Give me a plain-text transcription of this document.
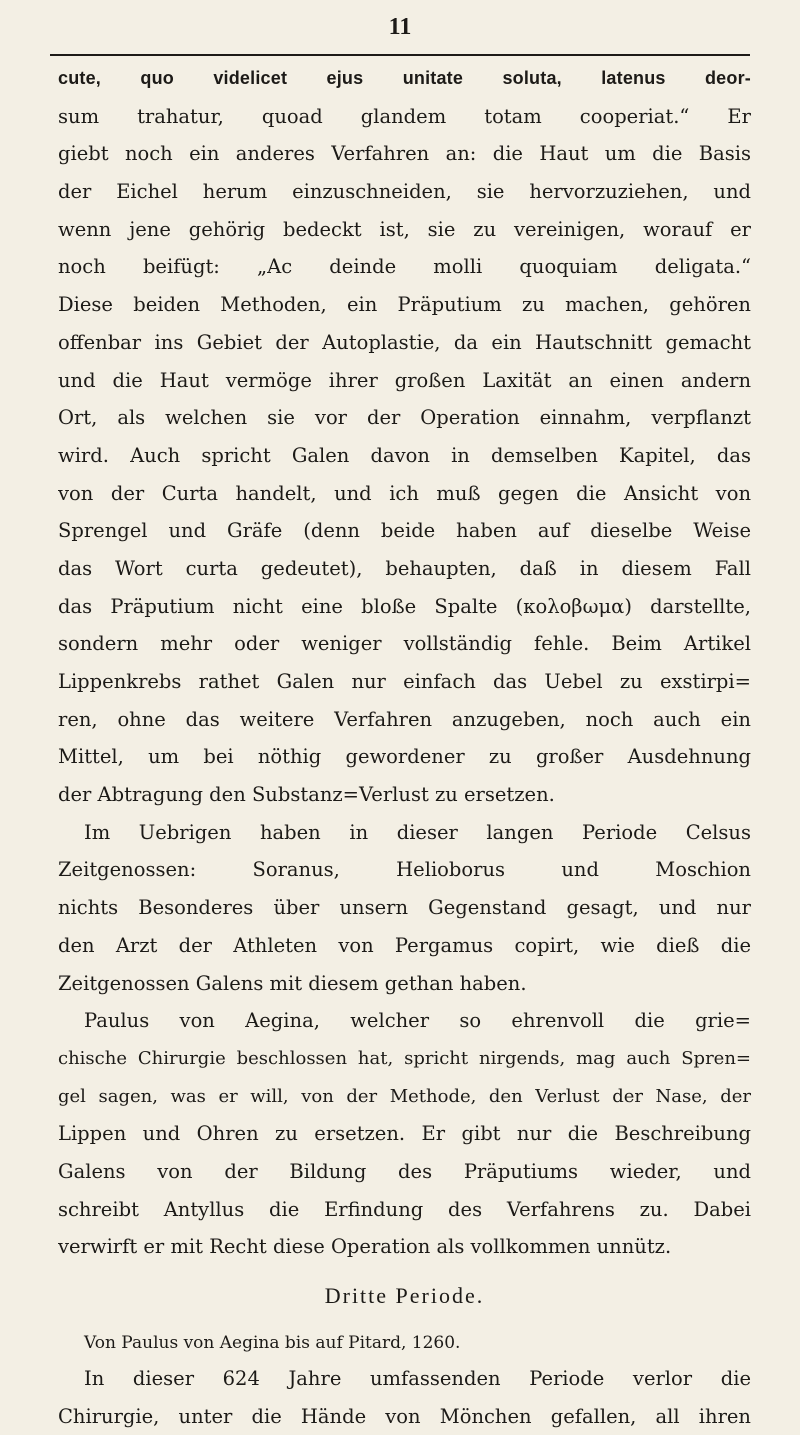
11
cute, quo videlicet ejus unitate soluta, latenus deor-
sum trahatur, quoad glandem totam cooperiat.“ Er
giebt noch ein anderes Verfahren an: die Haut um die Basis
der Eichel herum einzuschneiden, sie hervorzuziehen, und
wenn jene gehörig bedeckt ist, sie zu vereinigen, worauf er
noch beifügt: „Ac deinde molli quoquiam deligata.“
Diese beiden Methoden, ein Präputium zu machen, gehören
offenbar ins Gebiet der Autoplastie, da ein Hautschnitt gemacht
und die Haut vermöge ihrer großen Laxität an einen andern
Ort, als welchen sie vor der Operation einnahm, verpflanzt
wird. Auch spricht Galen davon in demselben Kapitel, das
von der Curta handelt, und ich muß gegen die Ansicht von
Sprengel und Gräfe (denn beide haben auf dieselbe Weise
das Wort curta gedeutet), behaupten, daß in diesem Fall
das Präputium nicht eine bloße Spalte (κολοβωμα) darstellte,
sondern mehr oder weniger vollständig fehle. Beim Artikel
Lippenkrebs rathet Galen nur einfach das Uebel zu exstirpi=
ren, ohne das weitere Verfahren anzugeben, noch auch ein
Mittel, um bei nöthig gewordener zu großer Ausdehnung
der Abtragung den Substanz=Verlust zu ersetzen.
Im Uebrigen haben in dieser langen Periode Celsus
Zeitgenossen: Soranus, Helioborus und Moschion
nichts Besonderes über unsern Gegenstand gesagt, und nur
den Arzt der Athleten von Pergamus copirt, wie dieß die
Zeitgenossen Galens mit diesem gethan haben.
Paulus von Aegina, welcher so ehrenvoll die grie=
chische Chirurgie beschlossen hat, spricht nirgends, mag auch Spren=
gel sagen, was er will, von der Methode, den Verlust der Nase, der
Lippen und Ohren zu ersetzen. Er gibt nur die Beschreibung
Galens von der Bildung des Präputiums wieder, und
schreibt Antyllus die Erfindung des Verfahrens zu. Dabei
verwirft er mit Recht diese Operation als vollkommen unnütz.
Dritte Periode.
Von Paulus von Aegina bis auf Pitard, 1260.
In dieser 624 Jahre umfassenden Periode verlor die
Chirurgie, unter die Hände von Mönchen gefallen, all ihren
